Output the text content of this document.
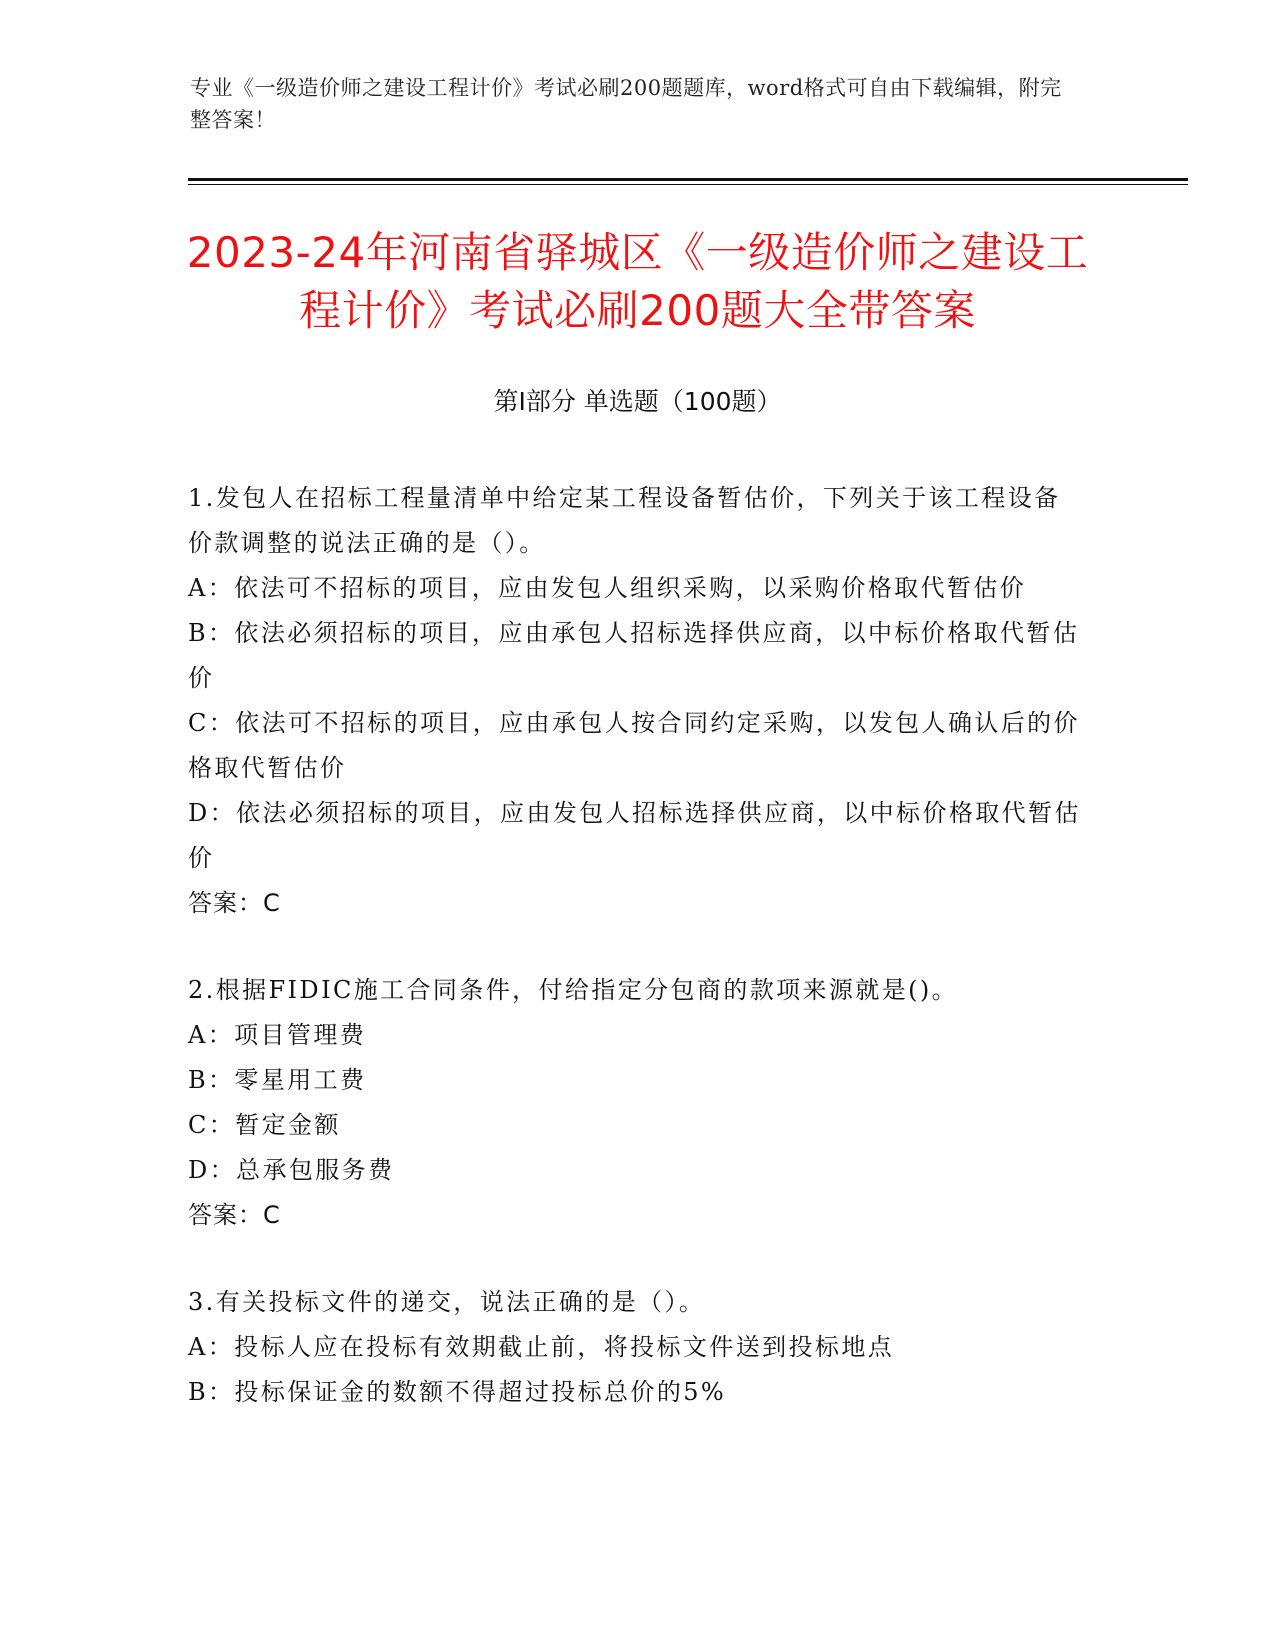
专业《一级造价师之建设工程计价》考试必刷200题题库，word格式可自由下载编辑，附完整答案！
2023-24年河南省驿城区《一级造价师之建设工程计价》考试必刷200题大全带答案
第Ⅰ部分 单选题（100题）

1.发包人在招标工程量清单中给定某工程设备暂估价，下列关于该工程设备价款调整的说法正确的是（）。

A：依法可不招标的项目，应由发包人组织采购，以采购价格取代暂估价

B：依法必须招标的项目，应由承包人招标选择供应商，以中标价格取代暂估价

C：依法可不招标的项目，应由承包人按合同约定采购，以发包人确认后的价格取代暂估价

D：依法必须招标的项目，应由发包人招标选择供应商，以中标价格取代暂估价

答案：C

2.根据FIDIC施工合同条件，付给指定分包商的款项来源就是()。

A：项目管理费

B：零星用工费

C：暂定金额

D：总承包服务费

答案：C

3.有关投标文件的递交，说法正确的是（）。

A：投标人应在投标有效期截止前，将投标文件送到投标地点

B：投标保证金的数额不得超过投标总价的5%
